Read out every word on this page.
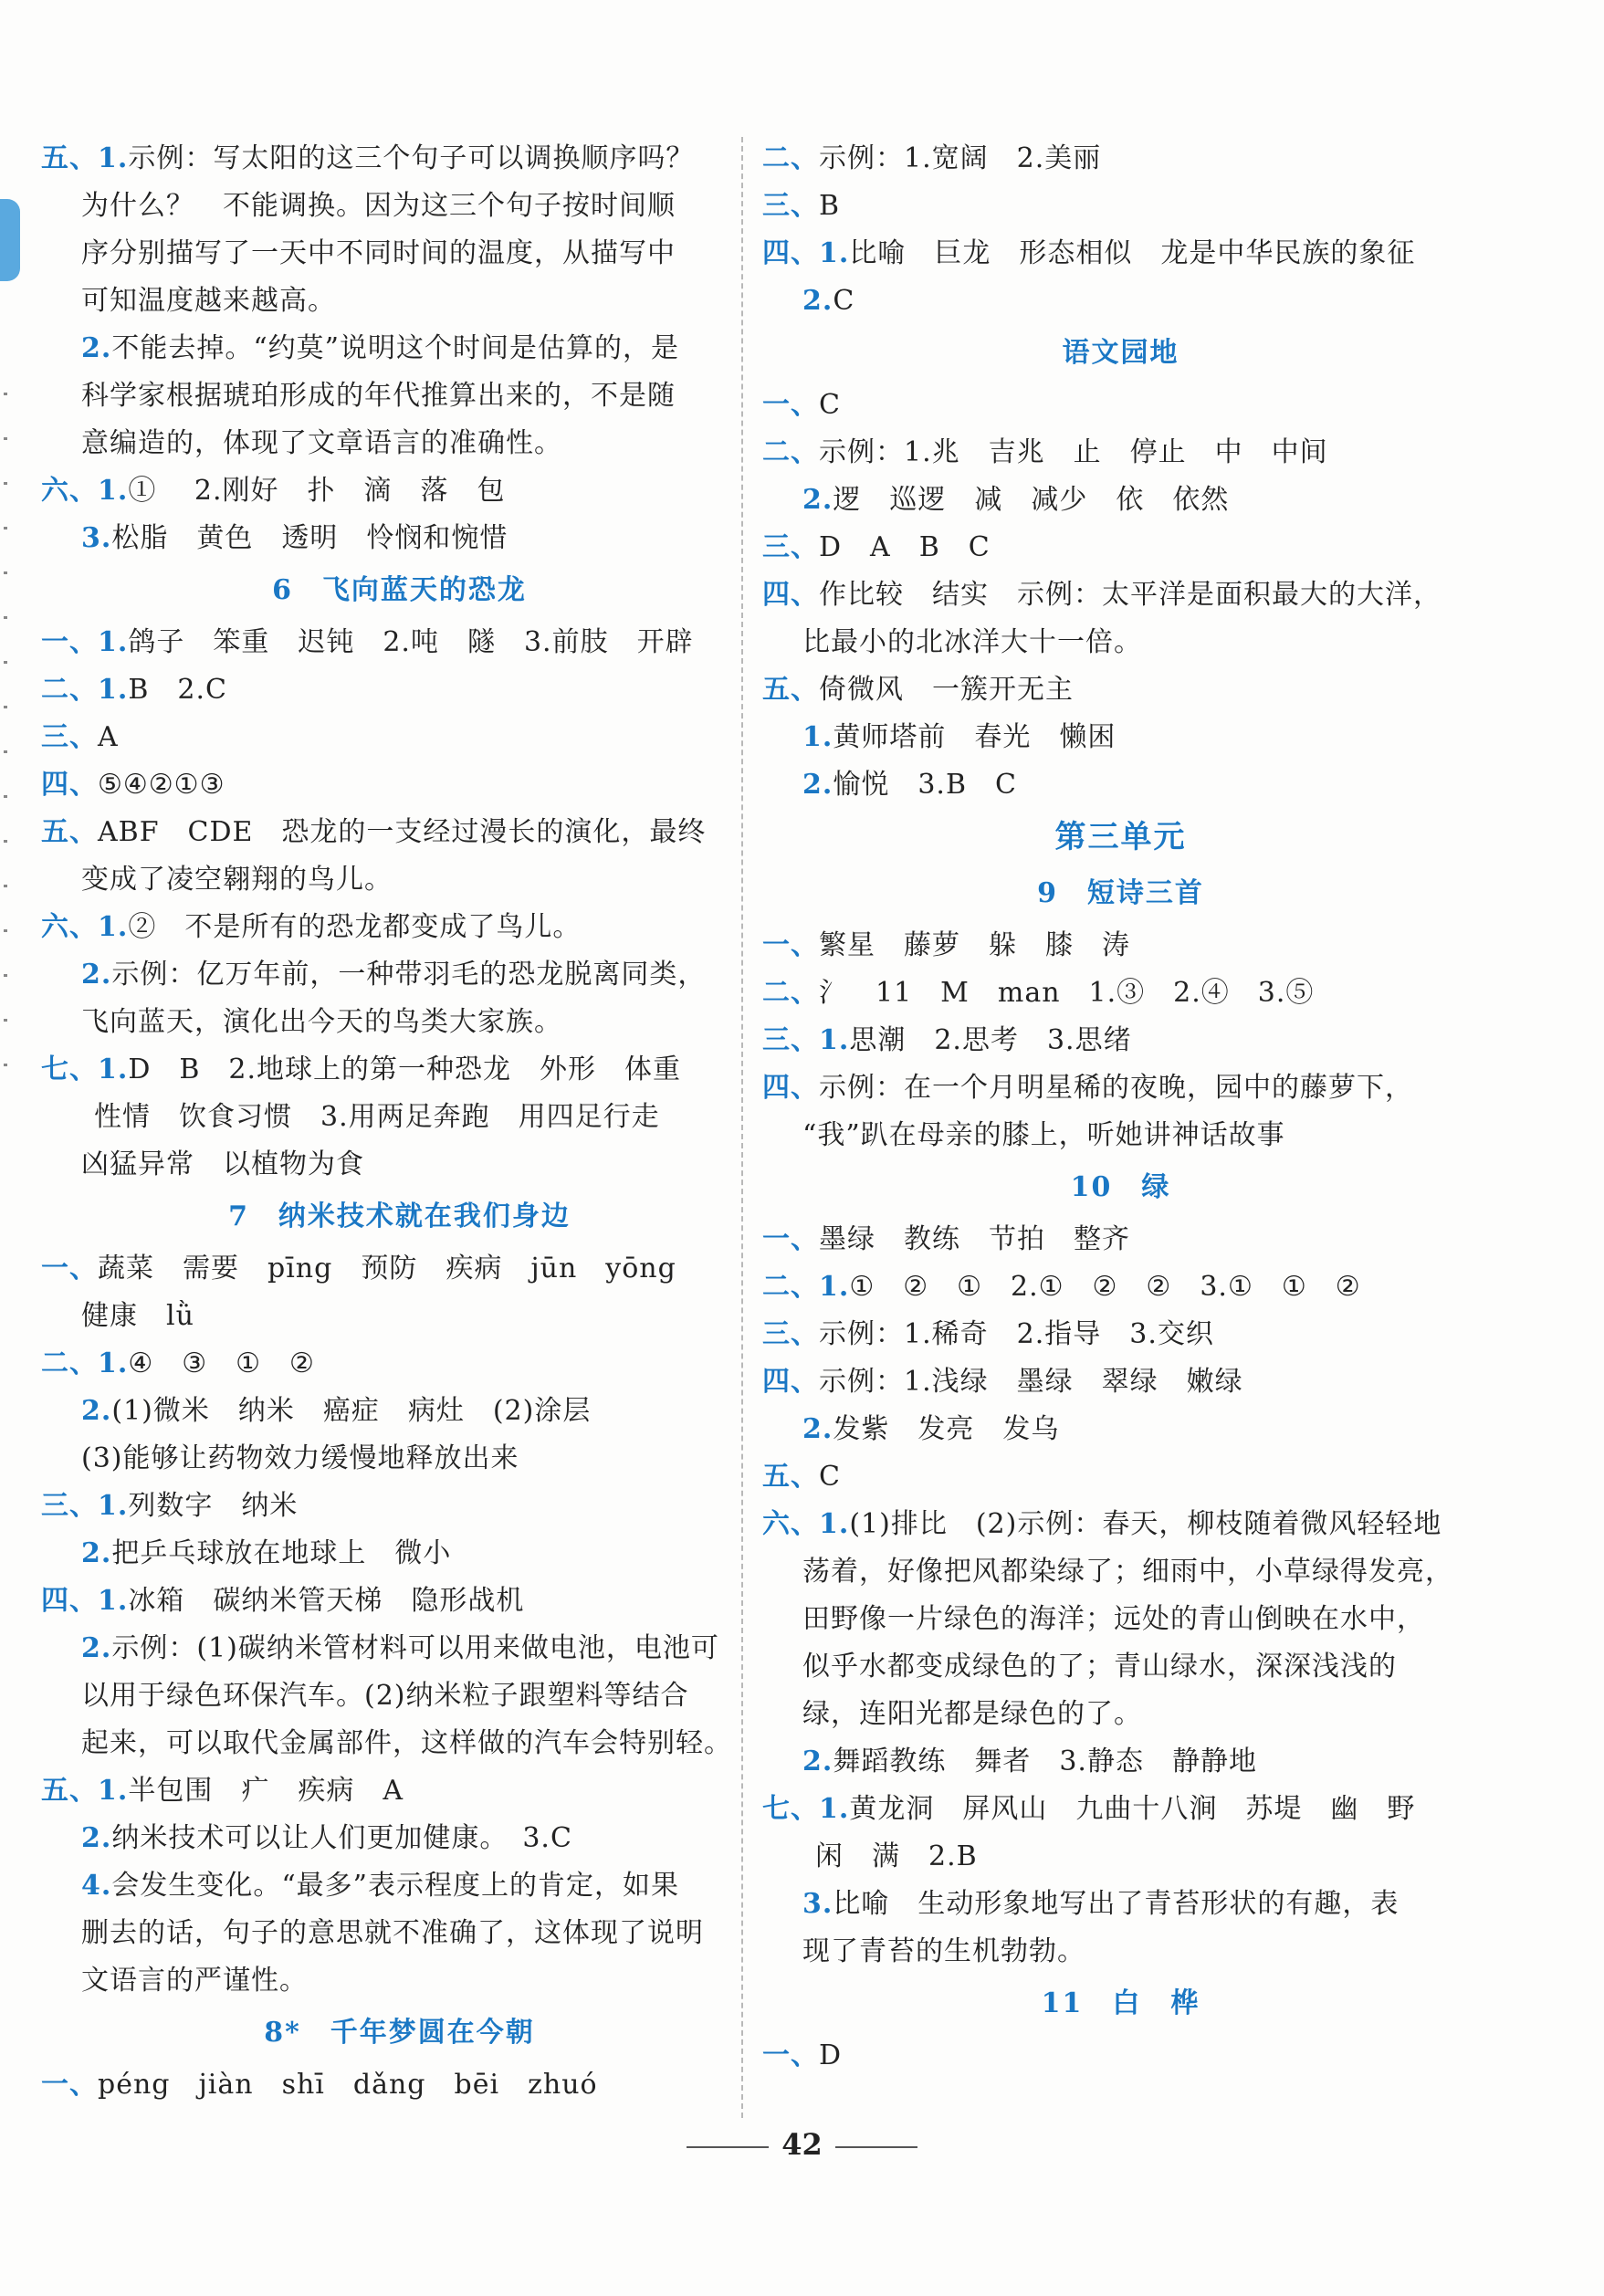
五、1.示例：写太阳的这三个句子可以调换顺序吗？
为什么？　不能调换。因为这三个句子按时间顺
序分别描写了一天中不同时间的温度，从描写中
可知温度越来越高。
2.不能去掉。“约莫”说明这个时间是估算的，是
科学家根据琥珀形成的年代推算出来的，不是随
意编造的，体现了文章语言的准确性。
六、1.①　 2.刚好　扑　滴　落　包
3.松脂　黄色　透明　怜悯和惋惜
6　飞向蓝天的恐龙
一、1.鸽子　笨重　迟钝　2.吨　隧　3.前肢　开辟
二、1.B　2.C
三、A
四、⑤④②①③
五、ABF　CDE　恐龙的一支经过漫长的演化，最终
变成了凌空翱翔的鸟儿。
六、1.②　不是所有的恐龙都变成了鸟儿。
2.示例：亿万年前，一种带羽毛的恐龙脱离同类，
飞向蓝天，演化出今天的鸟类大家族。
七、1.D　B　2.地球上的第一种恐龙　外形　体重
性情　饮食习惯　3.用两足奔跑　用四足行走
凶猛异常　以植物为食
7　纳米技术就在我们身边
一、蔬菜　需要　pīng　预防　疾病　jūn　yōng
健康　lǜ
二、1.④　③　①　②
2.(1)微米　纳米　癌症　病灶　(2)涂层
(3)能够让药物效力缓慢地释放出来
三、1.列数字　纳米
2.把乒乓球放在地球上　微小
四、1.冰箱　碳纳米管天梯　隐形战机
2.示例：(1)碳纳米管材料可以用来做电池，电池可
以用于绿色环保汽车。(2)纳米粒子跟塑料等结合
起来，可以取代金属部件，这样做的汽车会特别轻。
五、1.半包围　疒　疾病　A
2.纳米技术可以让人们更加健康。　3.C
4.会发生变化。“最多”表示程度上的肯定，如果
删去的话，句子的意思就不准确了，这体现了说明
文语言的严谨性。
8*　千年梦圆在今朝
一、péng　jiàn　shī　dǎng　bēi　zhuó
二、示例：1.宽阔　2.美丽
三、B
四、1.比喻　巨龙　形态相似　龙是中华民族的象征
2.C
语文园地
一、C
二、示例：1.兆　吉兆　止　停止　中　中间
2.逻　巡逻　减　减少　依　依然
三、D　A　B　C
四、作比较　结实　示例：太平洋是面积最大的大洋，
比最小的北冰洋大十一倍。
五、倚微风　一簇开无主
1.黄师塔前　春光　懒困
2.愉悦　3.B　C
第三单元
9　短诗三首
一、繁星　藤萝　躲　膝　涛
二、氵　11　M　man　1.③　2.④　3.⑤
三、1.思潮　2.思考　3.思绪
四、示例：在一个月明星稀的夜晚，园中的藤萝下，
“我”趴在母亲的膝上，听她讲神话故事
10　绿
一、墨绿　教练　节拍　整齐
二、1.①　②　①　2.①　②　②　3.①　①　②
三、示例：1.稀奇　2.指导　3.交织
四、示例：1.浅绿　墨绿　翠绿　嫩绿
2.发紫　发亮　发乌
五、C
六、1.(1)排比　(2)示例：春天，柳枝随着微风轻轻地
荡着，好像把风都染绿了；细雨中，小草绿得发亮，
田野像一片绿色的海洋；远处的青山倒映在水中，
似乎水都变成绿色的了；青山绿水，深深浅浅的
绿，连阳光都是绿色的了。
2.舞蹈教练　舞者　3.静态　静静地
七、1.黄龙洞　屏风山　九曲十八涧　苏堤　幽　野
闲　满　2.B
3.比喻　生动形象地写出了青苔形状的有趣，表
现了青苔的生机勃勃。
11　白　桦
一、D
42
